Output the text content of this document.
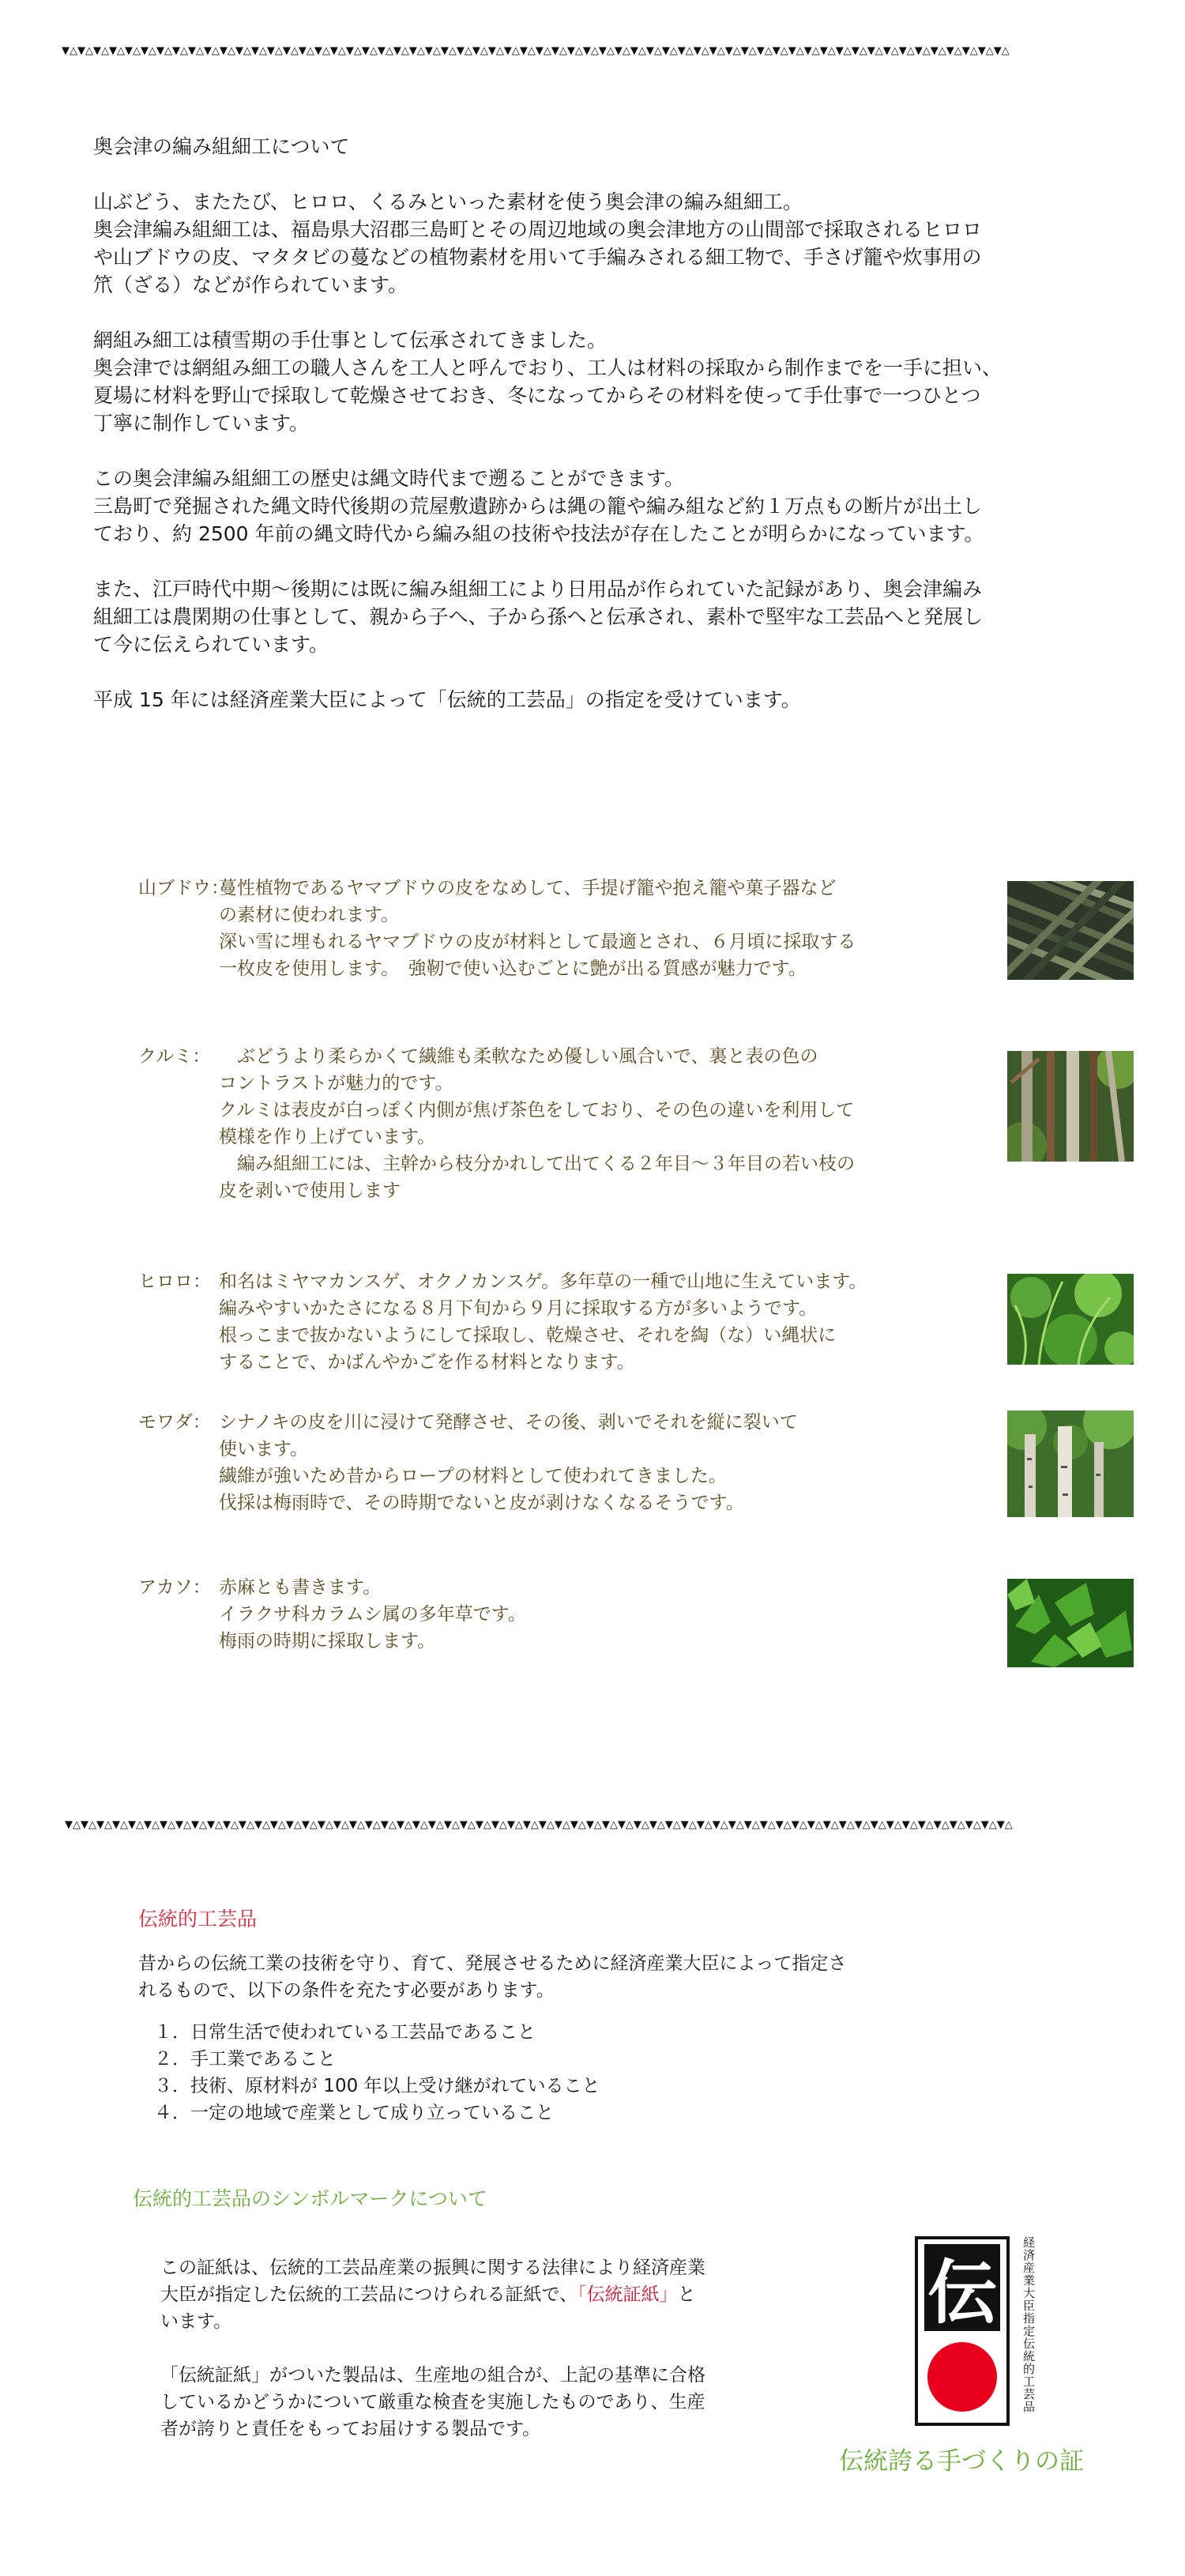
▼△▼△▼△▼△▼△▼△▼△▼△▼△▼△▼△▼△▼△▼△▼△▼△▼△▼△▼△▼△▼△▼△▼△▼△▼△▼△▼△▼△▼△▼△▼△▼△▼△▼△▼△▼△▼△▼△▼△▼△▼△▼△▼△▼△▼△▼△▼△▼△▼△▼△▼△▼△▼△▼△▼△▼△▼△▼△▼△▼△

奥会津の編み組細工について

山ぶどう、またたび、ヒロロ、くるみといった素材を使う奥会津の編み組細工。
奥会津編み組細工は、福島県大沼郡三島町とその周辺地域の奥会津地方の山間部で採取されるヒロロ
や山ブドウの皮、マタタビの蔓などの植物素材を用いて手編みされる細工物で、手さげ籠や炊事用の
笊（ざる）などが作られています。

網組み細工は積雪期の手仕事として伝承されてきました。
奥会津では網組み細工の職人さんを工人と呼んでおり、工人は材料の採取から制作までを一手に担い、
夏場に材料を野山で採取して乾燥させておき、冬になってからその材料を使って手仕事で一つひとつ
丁寧に制作しています。

この奥会津編み組細工の歴史は縄文時代まで遡ることができます。
三島町で発掘された縄文時代後期の荒屋敷遺跡からは縄の籠や編み組など約１万点もの断片が出土し
ており、約 2500 年前の縄文時代から編み組の技術や技法が存在したことが明らかになっています。

また、江戸時代中期〜後期には既に編み組細工により日用品が作られていた記録があり、奥会津編み
組細工は農閑期の仕事として、親から子へ、子から孫へと伝承され、素朴で堅牢な工芸品へと発展し
て今に伝えられています。

平成 15 年には経済産業大臣によって「伝統的工芸品」の指定を受けています。

山ブドウ：
蔓性植物であるヤマブドウの皮をなめして、手提げ籠や抱え籠や菓子器など
の素材に使われます。
深い雪に埋もれるヤマブドウの皮が材料として最適とされ、６月頃に採取する
一枚皮を使用します。　強靭で使い込むごとに艶が出る質感が魅力です。
クルミ： 　ぶどうより柔らかくて繊維も柔軟なため優しい風合いで、裏と表の色の
コントラストが魅力的です。
クルミは表皮が白っぽく内側が焦げ茶色をしており、その色の違いを利用して
模様を作り上げています。
　編み組細工には、主幹から枝分かれして出てくる２年目〜３年目の若い枝の
皮を剥いで使用します
ヒロロ： 和名はミヤマカンスゲ、オクノカンスゲ。多年草の一種で山地に生えています。
編みやすいかたさになる８月下旬から９月に採取する方が多いようです。
根っこまで抜かないようにして採取し、乾燥させ、それを綯（な）い縄状に
することで、かばんやかごを作る材料となります。
モワダ： シナノキの皮を川に浸けて発酵させ、その後、剥いでそれを縦に裂いて
使います。
繊維が強いため昔からロープの材料として使われてきました。
伐採は梅雨時で、その時期でないと皮が剥けなくなるそうです。
アカソ： 赤麻とも書きます。
イラクサ科カラムシ属の多年草です。
梅雨の時期に採取します。
▼△▼△▼△▼△▼△▼△▼△▼△▼△▼△▼△▼△▼△▼△▼△▼△▼△▼△▼△▼△▼△▼△▼△▼△▼△▼△▼△▼△▼△▼△▼△▼△▼△▼△▼△▼△▼△▼△▼△▼△▼△▼△▼△▼△▼△▼△▼△▼△▼△▼△▼△▼△▼△▼△▼△▼△▼△▼△▼△▼△
伝統的工芸品
昔からの伝統工業の技術を守り、育て、発展させるために経済産業大臣によって指定さ
れるもので、以下の条件を充たす必要があります。
１．日常生活で使われている工芸品であること
２．手工業であること
３．技術、原材料が 100 年以上受け継がれていること
４．一定の地域で産業として成り立っていること
伝統的工芸品のシンボルマークについて
この証紙は、伝統的工芸品産業の振興に関する法律により経済産業
大臣が指定した伝統的工芸品につけられる証紙で、「伝統証紙」と
います。
「伝統証紙」がついた製品は、生産地の組合が、上記の基準に合格
しているかどうかについて厳重な検査を実施したものであり、生産
者が誇りと責任をもってお届けする製品です。
伝 経済産業大臣指定伝統的工芸品
伝統誇る手づくりの証
